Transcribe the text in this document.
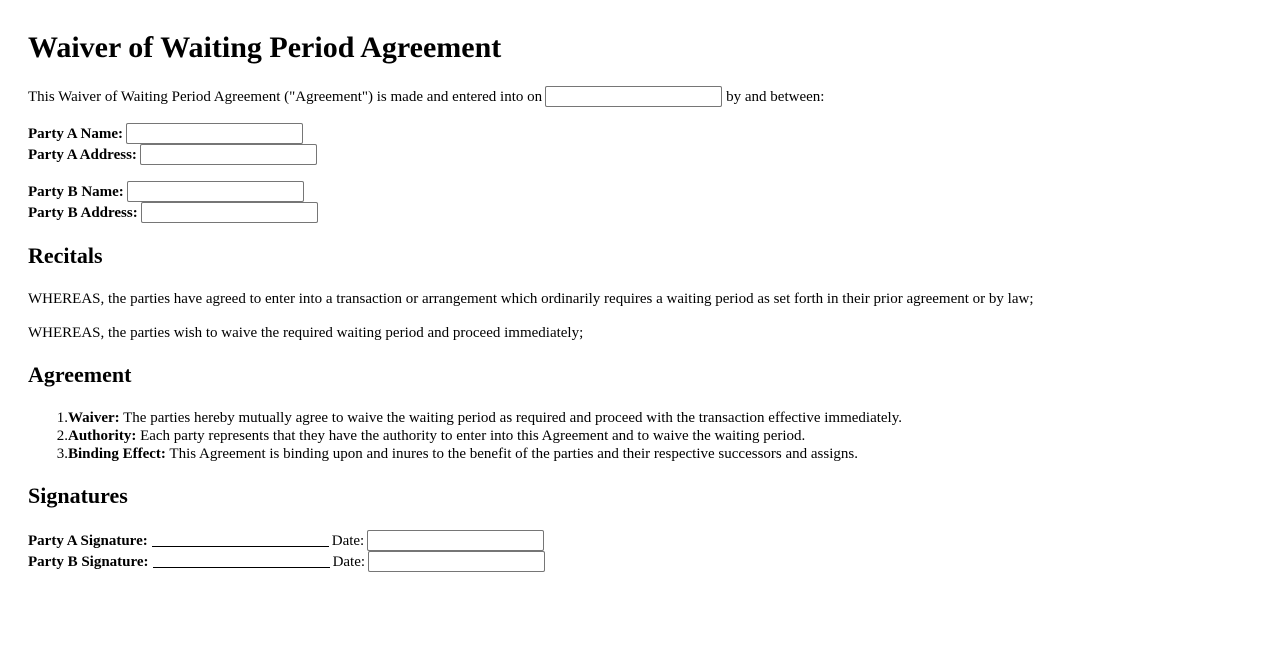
Waiver of Waiting Period Agreement
This Waiver of Waiting Period Agreement ("Agreement") is made and entered into on	by and between:
Party A Name:
Party A Address:
Party B Name:
Party B Address:
Recitals

WHEREAS, the parties have agreed to enter into a transaction or arrangement which ordinarily requires a waiting period as set forth in their prior agreement or by law;

WHEREAS, the parties wish to waive the required waiting period and proceed immediately;

Agreement
1 . Waiver: The parties hereby mutually agree to waive the waiting period as required and proceed with the transaction effective immediately.
2 . Authority: Each party represents that they have the authority to enter into this Agreement and to waive the waiting period.
3 . Binding Effect: This Agreement is binding upon and inures to the benefit of the parties and their respective successors and assigns.
Signatures
Party A Signature:	Date:
Party B Signature:	Date:
